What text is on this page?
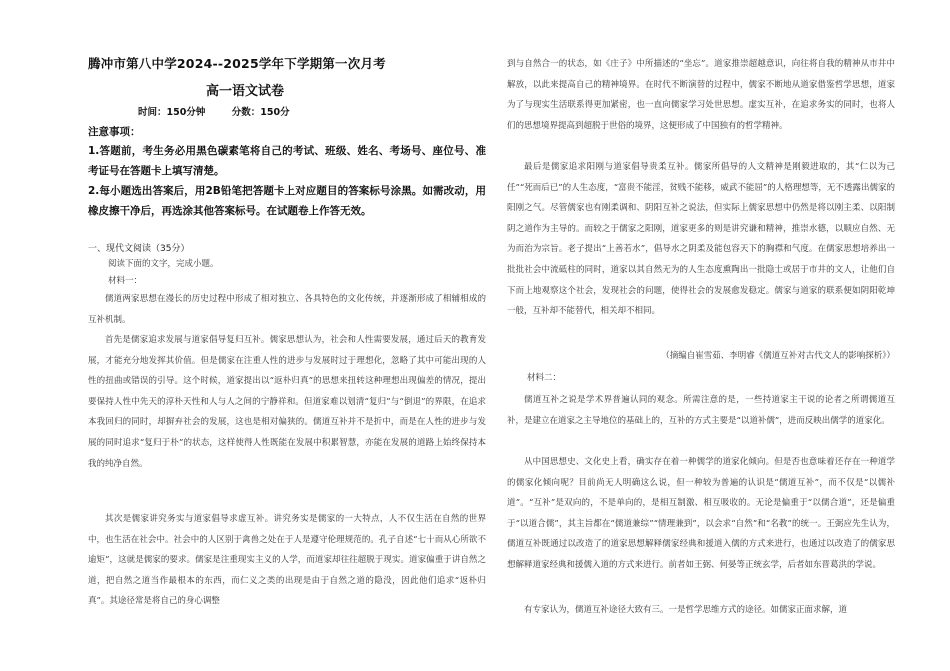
腾冲市第八中学2024--2025学年下学期第一次月考
高一语文试卷
时间：150分钟        分数：150分
注意事项：
1.答题前，考生务必用黑色碳素笔将自己的考试、班级、姓名、考场号、座位号、准考证号在答题卡上填写清楚。
2.每小题选出答案后，用2B铅笔把答题卡上对应题目的答案标号涂黑。如需改动，用橡皮擦干净后，再选涂其他答案标号。在试题卷上作答无效。
一、现代文阅读（35分）
阅读下面的文字，完成小题。
材料一：
儒道两家思想在漫长的历史过程中形成了相对独立、各具特色的文化传统，并逐渐形成了相辅相成的互补机制。
首先是儒家追求发展与道家倡导复归互补。儒家思想认为，社会和人性需要发展，通过后天的教育发展，才能充分地发挥其价值。但是儒家在注重人性的进步与发展时过于理想化，忽略了其中可能出现的人性的扭曲或错误的引导。这个时候，道家提出以“返朴归真”的思想来扭转这种理想出现偏差的情况，提出要保持人性中先天的淳朴天性和人与人之间的宁静祥和。但道家难以划清“复归”与“倒退”的界限，在追求本我回归的同时，却摒弃社会的发展，这也是相对偏狭的。儒道互补并不是折中，而是在人性的进步与发展的同时追求“复归于朴”的状态，这样使得人性既能在发展中积累智慧，亦能在发展的道路上始终保持本我的纯净自然。
其次是儒家讲究务实与道家倡导求虚互补。讲究务实是儒家的一大特点，人不仅生活在自然的世界中，也生活在社会中。社会中的人区别于禽兽之处在于人是遵守伦理规范的。孔子自述“七十而从心所欲不逾矩”，这就是儒家的要求。儒家是注重现实主义的人学，而道家却往往超脱于现实。道家偏重于讲自然之道，把自然之道当作最根本的东西，而仁义之类的出现是由于自然之道的隐没，因此他们追求“返朴归真”。其途径常是将自己的身心调整
到与自然合一的状态，如《庄子》中所描述的“坐忘”。道家推崇超越意识，向往将自我的精神从市井中解放，以此来提高自己的精神境界。在时代不断演替的过程中，儒家不断地从道家借鉴哲学思想，道家为了与现实生活联系得更加紧密，也一直向儒家学习处世思想。虚实互补，在追求务实的同时，也将人们的思想境界提高到超脱于世俗的境界，这便形成了中国独有的哲学精神。
最后是儒家追求阳刚与道家倡导贵柔互补。儒家所倡导的人文精神是刚毅进取的，其“仁以为己任”“死而后已”的人生态度，“富贵不能淫，贫贱不能移，威武不能屈”的人格理想等，无不透露出儒家的阳刚之气。尽管儒家也有刚柔调和、阴阳互补之说法，但实际上儒家思想中仍然是将以刚主柔、以阳制阴之道作为主导的。而较之于儒家之阳刚，道家更多的则是讲究谦和精神，推崇水德，以顺应自然、无为而治为宗旨。老子提出“上善若水”，倡导水之阴柔及能包容天下的胸襟和气度。在儒家思想培养出一批批社会中流砥柱的同时，道家以其自然无为的人生态度熏陶出一批隐士或居于市井的文人，让他们自下而上地观察这个社会，发现社会的问题，使得社会的发展愈发稳定。儒家与道家的联系便如阴阳乾坤一般，互补却不能替代，相关却不相同。
（摘编自崔雪茹、李明睿《儒道互补对古代文人的影响探析》）
材料二：
儒道互补之说是学术界普遍认同的观念。所需注意的是，一些持道家主干说的论者之所谓儒道互补，是建立在道家之主导地位的基础上的，互补的方式主要是“以道补儒”，进而反映出儒学的道家化。
从中国思想史、文化史上看，确实存在着一种儒学的道家化倾向。但是否也意味着还存在一种道学的儒家化倾向呢？目前尚无人明确这么说，但一种较为普遍的认识是“儒道互补”，而不仅是“以儒补道”。“互补”是双向的，不是单向的，是相互制激、相互吸收的。无论是偏重于“以儒合道”，还是偏重于“以道合儒”，其主旨都在“儒道兼综”“情理兼到”，以会求“自然”和“名教”的统一。王弼应先生认为，儒道互补既通过以改造了的道家思想解释儒家经典和援道入儒的方式来进行，也通过以改造了的儒家思想解释道家经典和援儒入道的方式来进行。前者如王弼、何晏等正统玄学，后者如东晋葛洪的学说。
有专家认为，儒道互补途径大致有三。一是哲学思维方式的途径。如儒家正面求解，道
